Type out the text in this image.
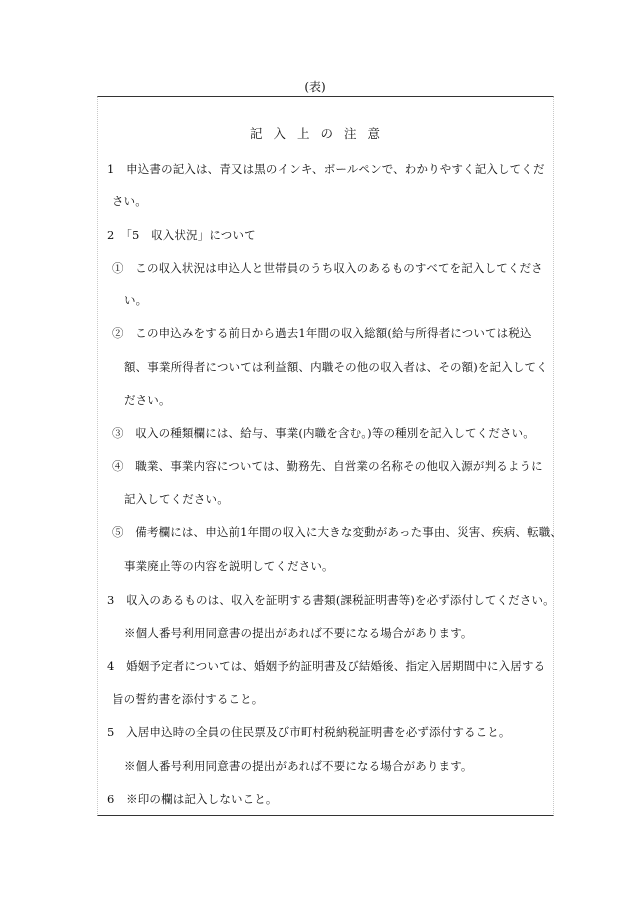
(表)
記入上の注意
1　申込書の記入は、青又は黒のインキ、ボールペンで、わかりやすく記入してくだ
さい。
2　「5　収入状況」について
①　この収入状況は申込人と世帯員のうち収入のあるものすべてを記入してくださ
い。
②　この申込みをする前日から過去1年間の収入総額(給与所得者については税込
額、事業所得者については利益額、内職その他の収入者は、その額)を記入してく
ださい。
③　収入の種類欄には、給与、事業(内職を含む。)等の種別を記入してください。
④　職業、事業内容については、勤務先、自営業の名称その他収入源が判るように
記入してください。
⑤　備考欄には、申込前1年間の収入に大きな変動があった事由、災害、疾病、転職、
事業廃止等の内容を説明してください。
3　収入のあるものは、収入を証明する書類(課税証明書等)を必ず添付してください。
※個人番号利用同意書の提出があれば不要になる場合があります。
4　婚姻予定者については、婚姻予約証明書及び結婚後、指定入居期間中に入居する
旨の誓約書を添付すること。
5　入居申込時の全員の住民票及び市町村税納税証明書を必ず添付すること。
※個人番号利用同意書の提出があれば不要になる場合があります。
6　※印の欄は記入しないこと。
